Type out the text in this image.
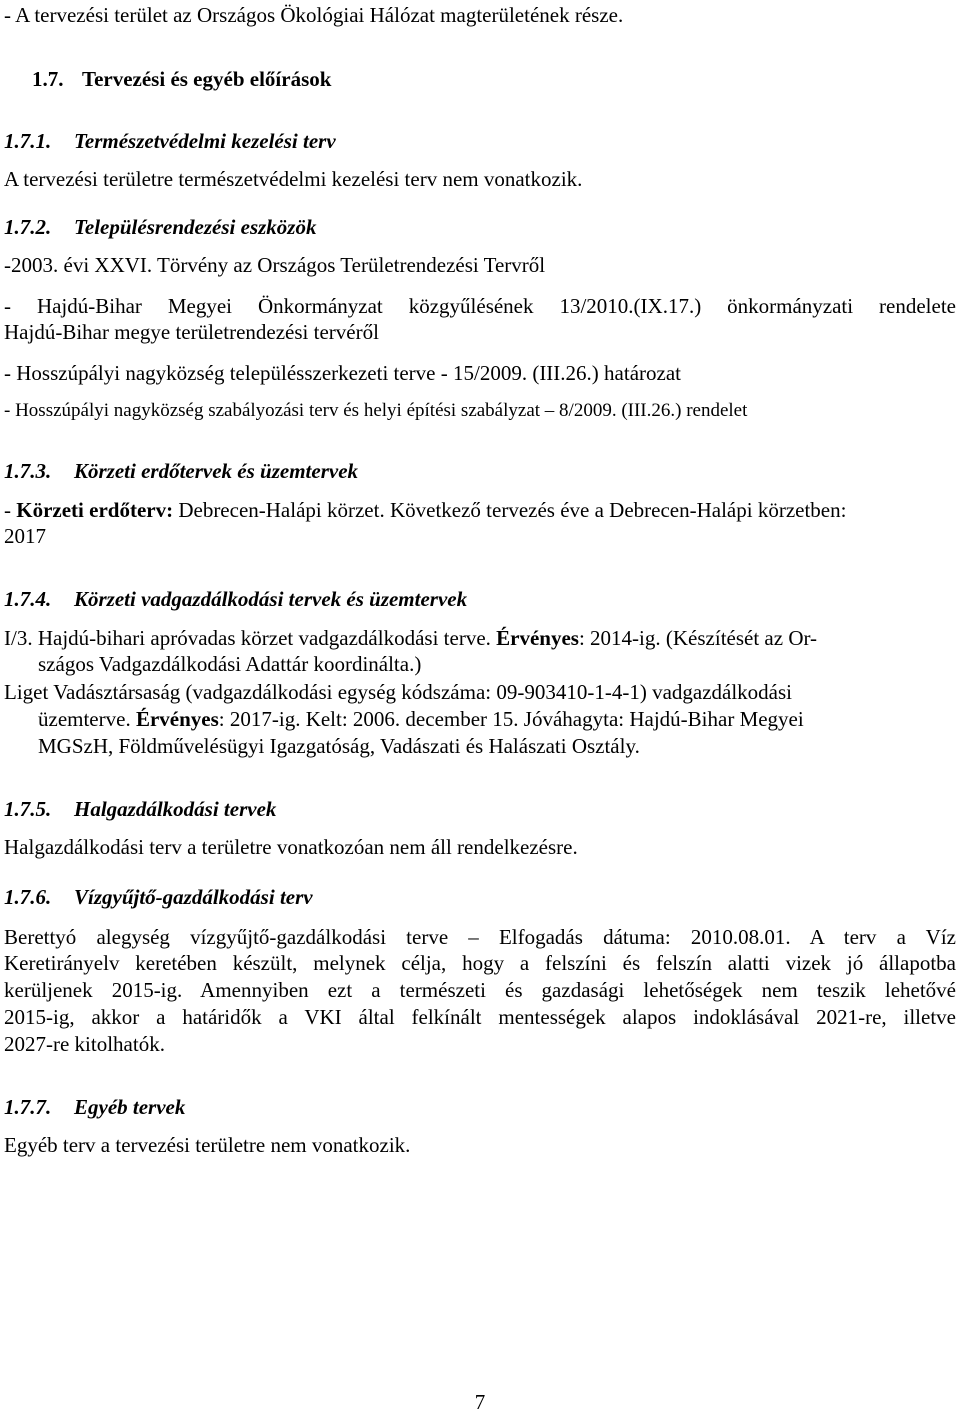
- A tervezési terület az Országos Ökológiai Hálózat magterületének része.
1.7. Tervezési és egyéb előírások
1.7.1. Természetvédelmi kezelési terv
A tervezési területre természetvédelmi kezelési terv nem vonatkozik.
1.7.2. Településrendezési eszközök
-2003. évi XXVI. Törvény az Országos Területrendezési Tervről
- Hajdú-Bihar Megyei Önkormányzat közgyűlésének 13/2010.(IX.17.) önkormányzati rendelete
Hajdú-Bihar megye területrendezési tervéről
- Hosszúpályi nagyközség településszerkezeti terve - 15/2009. (III.26.) határozat
- Hosszúpályi nagyközség szabályozási terv és helyi építési szabályzat – 8/2009. (III.26.) rendelet
1.7.3. Körzeti erdőtervek és üzemtervek
- Körzeti erdőterv: Debrecen-Halápi körzet. Következő tervezés éve a Debrecen-Halápi körzetben:
2017
1.7.4. Körzeti vadgazdálkodási tervek és üzemtervek
I/3. Hajdú-bihari apróvadas körzet vadgazdálkodási terve. Érvényes: 2014-ig. (Készítését az Or-
szágos Vadgazdálkodási Adattár koordinálta.)
Liget Vadásztársaság (vadgazdálkodási egység kódszáma: 09-903410-1-4-1) vadgazdálkodási
üzemterve. Érvényes: 2017-ig. Kelt: 2006. december 15. Jóváhagyta: Hajdú-Bihar Megyei
MGSzH, Földművelésügyi Igazgatóság, Vadászati és Halászati Osztály.
1.7.5. Halgazdálkodási tervek
Halgazdálkodási terv a területre vonatkozóan nem áll rendelkezésre.
1.7.6. Vízgyűjtő-gazdálkodási terv
Berettyó alegység vízgyűjtő-gazdálkodási terve – Elfogadás dátuma: 2010.08.01. A terv a Víz
Keretirányelv keretében készült, melynek célja, hogy a felszíni és felszín alatti vizek jó állapotba
kerüljenek 2015-ig. Amennyiben ezt a természeti és gazdasági lehetőségek nem teszik lehetővé
2015-ig, akkor a határidők a VKI által felkínált mentességek alapos indoklásával 2021-re, illetve
2027-re kitolhatók.
1.7.7. Egyéb tervek
Egyéb terv a tervezési területre nem vonatkozik.
7
